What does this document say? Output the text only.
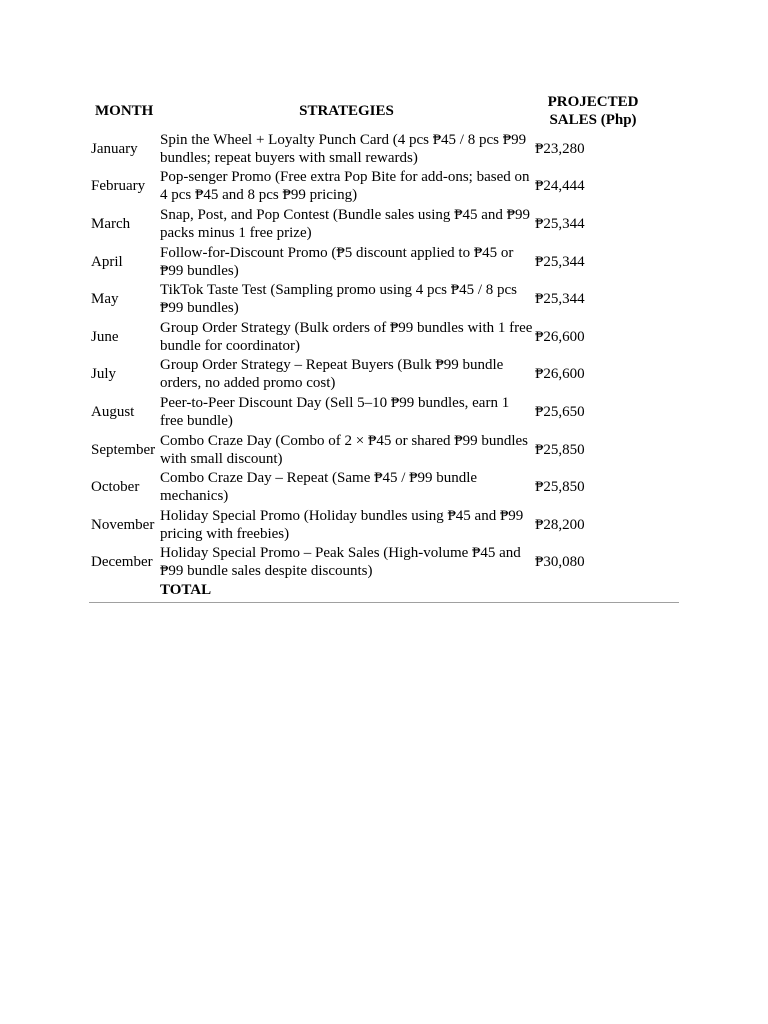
MONTH	STRATEGIES	PROJECTED
SALES (Php)
January	Spin the Wheel + Loyalty Punch Card (4 pcs ₱45 / 8 pcs ₱99 bundles; repeat buyers with small rewards)	₱23,280
February	Pop-senger Promo (Free extra Pop Bite for add-ons; based on 4 pcs ₱45 and 8 pcs ₱99 pricing)	₱24,444
March	Snap, Post, and Pop Contest (Bundle sales using ₱45 and ₱99 packs minus 1 free prize)	₱25,344
April	Follow-for-Discount Promo (₱5 discount applied to ₱45 or ₱99 bundles)	₱25,344
May	TikTok Taste Test (Sampling promo using 4 pcs ₱45 / 8 pcs ₱99 bundles)	₱25,344
June	Group Order Strategy (Bulk orders of ₱99 bundles with 1 free bundle for coordinator)	₱26,600
July	Group Order Strategy – Repeat Buyers (Bulk ₱99 bundle orders, no added promo cost)	₱26,600
August	Peer-to-Peer Discount Day (Sell 5–10 ₱99 bundles, earn 1 free bundle)	₱25,650
September	Combo Craze Day (Combo of 2 × ₱45 or shared ₱99 bundles with small discount)	₱25,850
October	Combo Craze Day – Repeat (Same ₱45 / ₱99 bundle mechanics)	₱25,850
November	Holiday Special Promo (Holiday bundles using ₱45 and ₱99 pricing with freebies)	₱28,200
December	Holiday Special Promo – Peak Sales (High-volume ₱45 and ₱99 bundle sales despite discounts)	₱30,080
	TOTAL	
